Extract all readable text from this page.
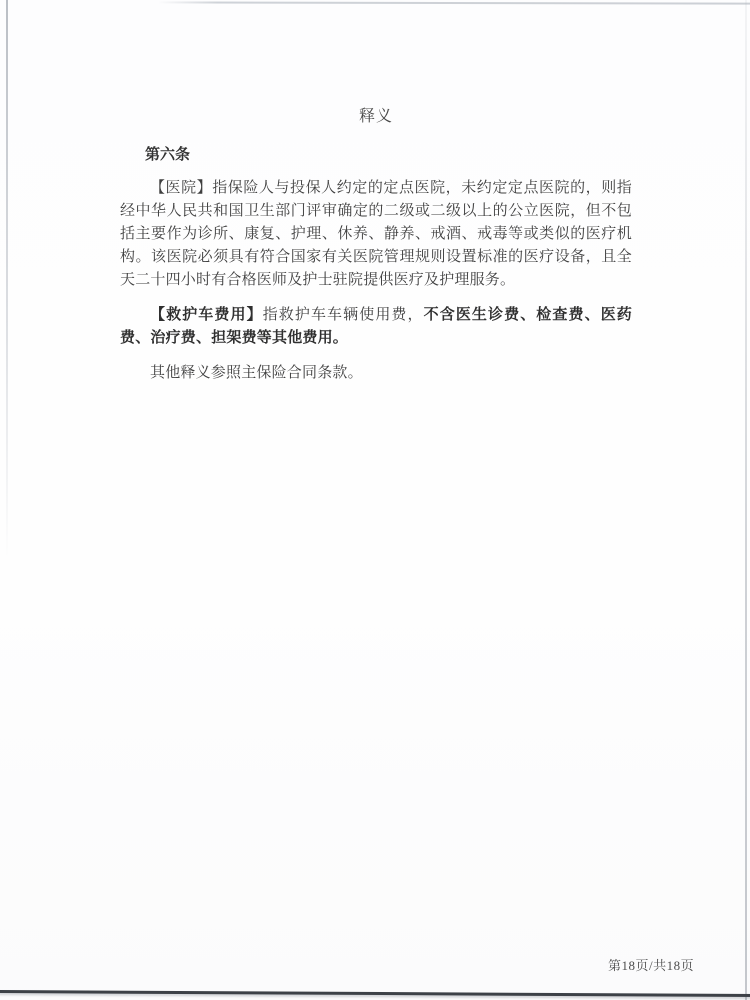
释义
第六条

【医院】指保险人与投保人约定的定点医院，未约定定点医院的，则指经中华人民共和国卫生部门评审确定的二级或二级以上的公立医院，但不包括主要作为诊所、康复、护理、休养、静养、戒酒、戒毒等或类似的医疗机构。该医院必须具有符合国家有关医院管理规则设置标准的医疗设备，且全天二十四小时有合格医师及护士驻院提供医疗及护理服务。

【救护车费用】指救护车车辆使用费，不含医生诊费、检查费、医药费、治疗费、担架费等其他费用。

其他释义参照主保险合同条款。

第18页/共18页
